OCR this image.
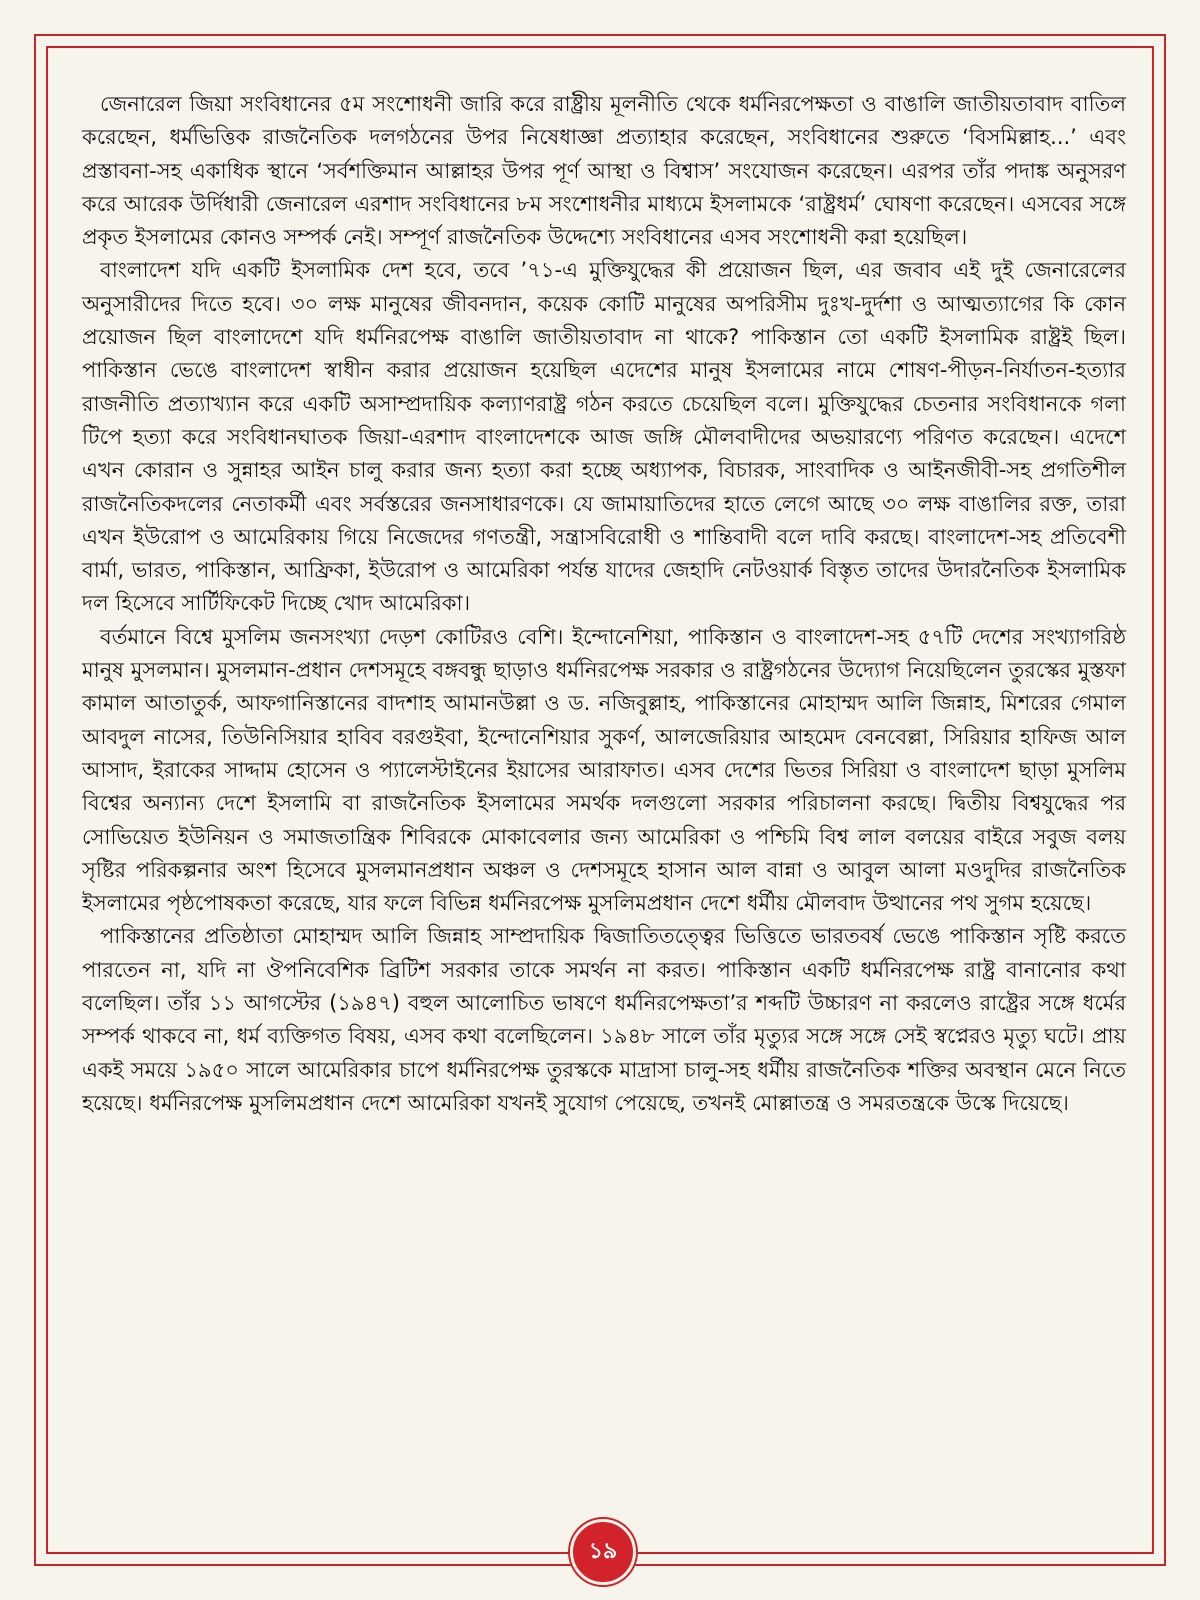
জেনারেল জিয়া সংবিধানের ৫ম সংশোধনী জারি করে রাষ্ট্রীয় মূলনীতি থেকে ধর্মনিরপেক্ষতা ও বাঙালি জাতীয়তাবাদ বাতিল করেছেন, ধর্মভিত্তিক রাজনৈতিক দলগঠনের উপর নিষেধাজ্ঞা প্রত্যাহার করেছেন, সংবিধানের শুরুতে ‘বিসমিল্লাহ...’ এবং প্রস্তাবনা-সহ একাধিক স্থানে ‘সর্বশক্তিমান আল্লাহর উপর পূর্ণ আস্থা ও বিশ্বাস’ সংযোজন করেছেন। এরপর তাঁর পদাঙ্ক অনুসরণ করে আরেক উর্দিধারী জেনারেল এরশাদ সংবিধানের ৮ম সংশোধনীর মাধ্যমে ইসলামকে ‘রাষ্ট্রধর্ম’ ঘোষণা করেছেন। এসবের সঙ্গে প্রকৃত ইসলামের কোনও সম্পর্ক নেই। সম্পূর্ণ রাজনৈতিক উদ্দেশ্যে সংবিধানের এসব সংশোধনী করা হয়েছিল।

বাংলাদেশ যদি একটি ইসলামিক দেশ হবে, তবে ’৭১-এ মুক্তিযুদ্ধের কী প্রয়োজন ছিল, এর জবাব এই দুই জেনারেলের অনুসারীদের দিতে হবে। ৩০ লক্ষ মানুষের জীবনদান, কয়েক কোটি মানুষের অপরিসীম দুঃখ-দুর্দশা ও আত্মত্যাগের কি কোন প্রয়োজন ছিল বাংলাদেশে যদি ধর্মনিরপেক্ষ বাঙালি জাতীয়তাবাদ না থাকে? পাকিস্তান তো একটি ইসলামিক রাষ্ট্রই ছিল। পাকিস্তান ভেঙে বাংলাদেশ স্বাধীন করার প্রয়োজন হয়েছিল এদেশের মানুষ ইসলামের নামে শোষণ-পীড়ন-নির্যাতন-হত্যার রাজনীতি প্রত্যাখ্যান করে একটি অসাম্প্রদায়িক কল্যাণরাষ্ট্র গঠন করতে চেয়েছিল বলে। মুক্তিযুদ্ধের চেতনার সংবিধানকে গলা টিপে হত্যা করে সংবিধানঘাতক জিয়া-এরশাদ বাংলাদেশকে আজ জঙ্গি মৌলবাদীদের অভয়ারণ্যে পরিণত করেছেন। এদেশে এখন কোরান ও সুন্নাহর আইন চালু করার জন্য হত্যা করা হচ্ছে অধ্যাপক, বিচারক, সাংবাদিক ও আইনজীবী-সহ প্রগতিশীল রাজনৈতিকদলের নেতাকর্মী এবং সর্বস্তরের জনসাধারণকে। যে জামায়াতিদের হাতে লেগে আছে ৩০ লক্ষ বাঙালির রক্ত, তারা এখন ইউরোপ ও আমেরিকায় গিয়ে নিজেদের গণতন্ত্রী, সন্ত্রাসবিরোধী ও শান্তিবাদী বলে দাবি করছে। বাংলাদেশ-সহ প্রতিবেশী বার্মা, ভারত, পাকিস্তান, আফ্রিকা, ইউরোপ ও আমেরিকা পর্যন্ত যাদের জেহাদি নেটওয়ার্ক বিস্তৃত তাদের উদারনৈতিক ইসলামিক দল হিসেবে সার্টিফিকেট দিচ্ছে খোদ আমেরিকা।

বর্তমানে বিশ্বে মুসলিম জনসংখ্যা দেড়শ কোটিরও বেশি। ইন্দোনেশিয়া, পাকিস্তান ও বাংলাদেশ-সহ ৫৭টি দেশের সংখ্যাগরিষ্ঠ মানুষ মুসলমান। মুসলমান-প্রধান দেশসমূহে বঙ্গবন্ধু ছাড়াও ধর্মনিরপেক্ষ সরকার ও রাষ্ট্রগঠনের উদ্যোগ নিয়েছিলেন তুরস্কের মুস্তফা কামাল আতাতুর্ক, আফগানিস্তানের বাদশাহ আমানউল্লা ও ড. নজিবুল্লাহ, পাকিস্তানের মোহাম্মদ আলি জিন্নাহ, মিশরের গেমাল আবদুল নাসের, তিউনিসিয়ার হাবিব বরগুইবা, ইন্দোনেশিয়ার সুকর্ণ, আলজেরিয়ার আহমেদ বেনবেল্লা, সিরিয়ার হাফিজ আল আসাদ, ইরাকের সাদ্দাম হোসেন ও প্যালেস্টাইনের ইয়াসের আরাফাত। এসব দেশের ভিতর সিরিয়া ও বাংলাদেশ ছাড়া মুসলিম বিশ্বের অন্যান্য দেশে ইসলামি বা রাজনৈতিক ইসলামের সমর্থক দলগুলো সরকার পরিচালনা করছে। দ্বিতীয় বিশ্বযুদ্ধের পর সোভিয়েত ইউনিয়ন ও সমাজতান্ত্রিক শিবিরকে মোকাবেলার জন্য আমেরিকা ও পশ্চিমি বিশ্ব লাল বলয়ের বাইরে সবুজ বলয় সৃষ্টির পরিকল্পনার অংশ হিসেবে মুসলমানপ্রধান অঞ্চল ও দেশসমূহে হাসান আল বান্না ও আবুল আলা মওদুদির রাজনৈতিক ইসলামের পৃষ্ঠপোষকতা করেছে, যার ফলে বিভিন্ন ধর্মনিরপেক্ষ মুসলিমপ্রধান দেশে ধর্মীয় মৌলবাদ উত্থানের পথ সুগম হয়েছে।

পাকিস্তানের প্রতিষ্ঠাতা মোহাম্মদ আলি জিন্নাহ সাম্প্রদায়িক দ্বিজাতিতত্ত্বের ভিত্তিতে ভারতবর্ষ ভেঙে পাকিস্তান সৃষ্টি করতে পারতেন না, যদি না ঔপনিবেশিক ব্রিটিশ সরকার তাকে সমর্থন না করত। পাকিস্তান একটি ধর্মনিরপেক্ষ রাষ্ট্র বানানোর কথা বলেছিল। তাঁর ১১ আগস্টের (১৯৪৭) বহুল আলোচিত ভাষণে ধর্মনিরপেক্ষতা’র শব্দটি উচ্চারণ না করলেও রাষ্ট্রের সঙ্গে ধর্মের সম্পর্ক থাকবে না, ধর্ম ব্যক্তিগত বিষয়, এসব কথা বলেছিলেন। ১৯৪৮ সালে তাঁর মৃত্যুর সঙ্গে সঙ্গে সেই স্বপ্নেরও মৃত্যু ঘটে। প্রায় একই সময়ে ১৯৫০ সালে আমেরিকার চাপে ধর্মনিরপেক্ষ তুরস্ককে মাদ্রাসা চালু-সহ ধর্মীয় রাজনৈতিক শক্তির অবস্থান মেনে নিতে হয়েছে। ধর্মনিরপেক্ষ মুসলিমপ্রধান দেশে আমেরিকা যখনই সুযোগ পেয়েছে, তখনই মোল্লাতন্ত্র ও সমরতন্ত্রকে উস্কে দিয়েছে।

১৯
